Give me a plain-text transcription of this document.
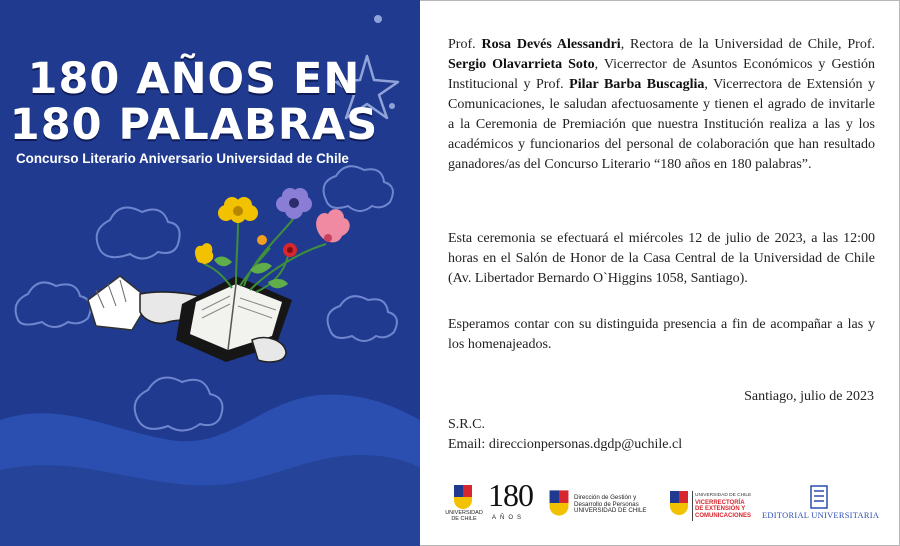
180 AÑOS EN
180 PALABRAS
Concurso Literario Aniversario Universidad de Chile

Prof. Rosa Devés Alessandri, Rectora de la Universidad de Chile, Prof. Sergio Olavarrieta Soto, Vicerrector de Asuntos Económicos y Gestión Institucional y Prof. Pilar Barba Buscaglia, Vicerrectora de Extensión y Comunicaciones, le saludan afectuosamente y tienen el agrado de invitarle a la Ceremonia de Premiación que nuestra Institución realiza a las y los académicos y funcionarios del personal de colaboración que han resultado ganadores/as del Concurso Literario “180 años en 180 palabras”.

Esta ceremonia se efectuará el miércoles 12 de julio de 2023, a las 12:00 horas en el Salón de Honor de la Casa Central de la Universidad de Chile (Av. Libertador Bernardo O`Higgins 1058, Santiago).

Esperamos contar con su distinguida presencia a fin de acompañar a las y los homenajeados.

Santiago, julio de 2023
S.R.C.
Email: direccionpersonas.dgdp@uchile.cl
UNIVERSIDAD
DE CHILE
180
AÑOS
Dirección de Gestión y
Desarrollo de Personas
UNIVERSIDAD DE CHILE
UNIVERSIDAD DE CHILE
VICERRECTORÍA
DE EXTENSIÓN Y
COMUNICACIONES EDITORIAL UNIVERSITARIA
